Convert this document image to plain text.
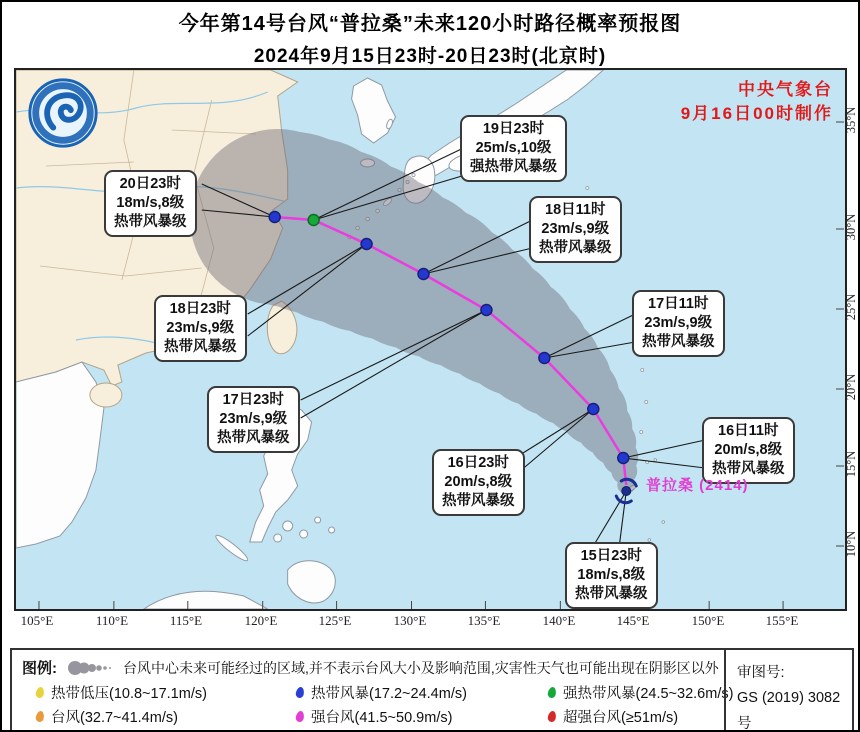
今年第14号台风“普拉桑”未来120小时路径概率预报图
2024年9月15日23时-20日23时(北京时)
中央气象台
9月16日00时制作
普拉桑 (2414)
20日23时
18m/s,8级
热带风暴级
19日23时
25m/s,10级
强热带风暴级
18日23时
23m/s,9级
热带风暴级
18日11时
23m/s,9级
热带风暴级
17日23时
23m/s,9级
热带风暴级
17日11时
23m/s,9级
热带风暴级
16日23时
20m/s,8级
热带风暴级
16日11时
20m/s,8级
热带风暴级
15日23时
18m/s,8级
热带风暴级
105°E	110°E	115°E	120°E	125°E	130°E	135°E	140°E	145°E	150°E	155°E
35°N
30°N
25°N
20°N
15°N
10°N
图例:	台风中心未来可能经过的区域,并不表示台风大小及影响范围,灾害性天气也可能出现在阴影区以外
热带低压(10.8~17.1m/s)	热带风暴(17.2~24.4m/s)	强热带风暴(24.5~32.6m/s)
台风(32.7~41.4m/s)	强台风(41.5~50.9m/s)	超强台风(≥51m/s)
审图号:
GS (2019) 3082号
